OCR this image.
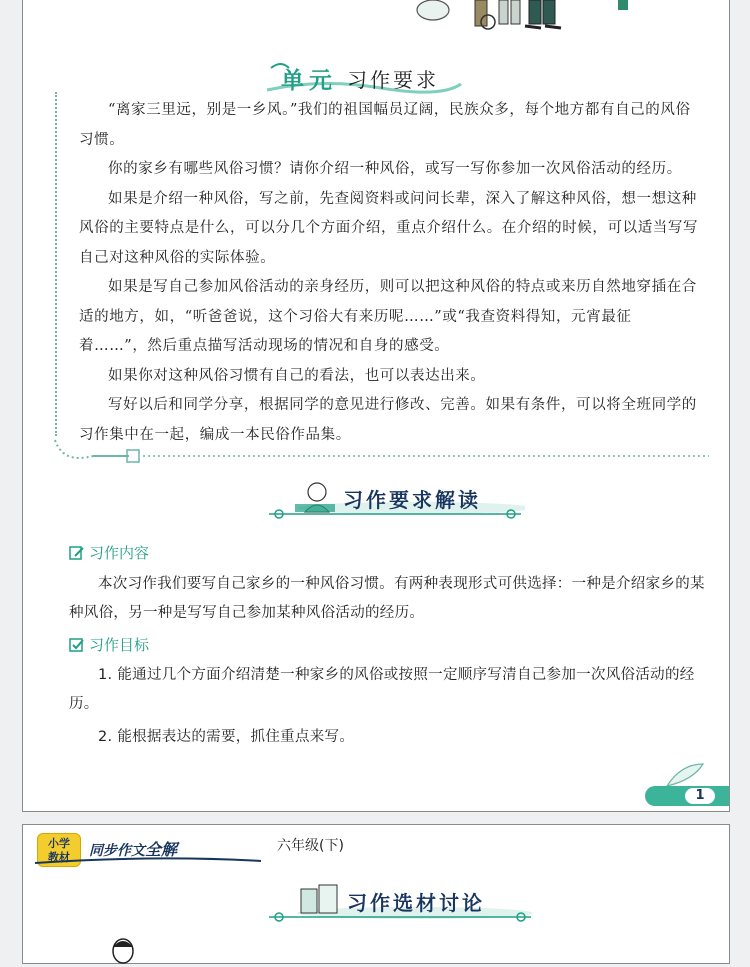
单 元 习作要求

“离家三里远，别是一乡风。”我们的祖国幅员辽阔，民族众多，每个地方都有自己的风俗习惯。

你的家乡有哪些风俗习惯？请你介绍一种风俗，或写一写你参加一次风俗活动的经历。

如果是介绍一种风俗，写之前，先查阅资料或问问长辈，深入了解这种风俗，想一想这种风俗的主要特点是什么，可以分几个方面介绍，重点介绍什么。在介绍的时候，可以适当写写自己对这种风俗的实际体验。

如果是写自己参加风俗活动的亲身经历，则可以把这种风俗的特点或来历自然地穿插在合适的地方，如，“听爸爸说，这个习俗大有来历呢……”或“我查资料得知，元宵最征着……”，然后重点描写活动现场的情况和自身的感受。

如果你对这种风俗习惯有自己的看法，也可以表达出来。

写好以后和同学分享，根据同学的意见进行修改、完善。如果有条件，可以将全班同学的习作集中在一起，编成一本民俗作品集。

习作要求解读
习作内容

本次习作我们要写自己家乡的一种风俗习惯。有两种表现形式可供选择：一种是介绍家乡的某种风俗，另一种是写写自己参加某种风俗活动的经历。

习作目标

1. 能通过几个方面介绍清楚一种家乡的风俗或按照一定顺序写清自己参加一次风俗活动的经历。

2. 能根据表达的需要，抓住重点来写。

1
小学
教材	同步作文全解	六年级(下)
习作选材讨论
